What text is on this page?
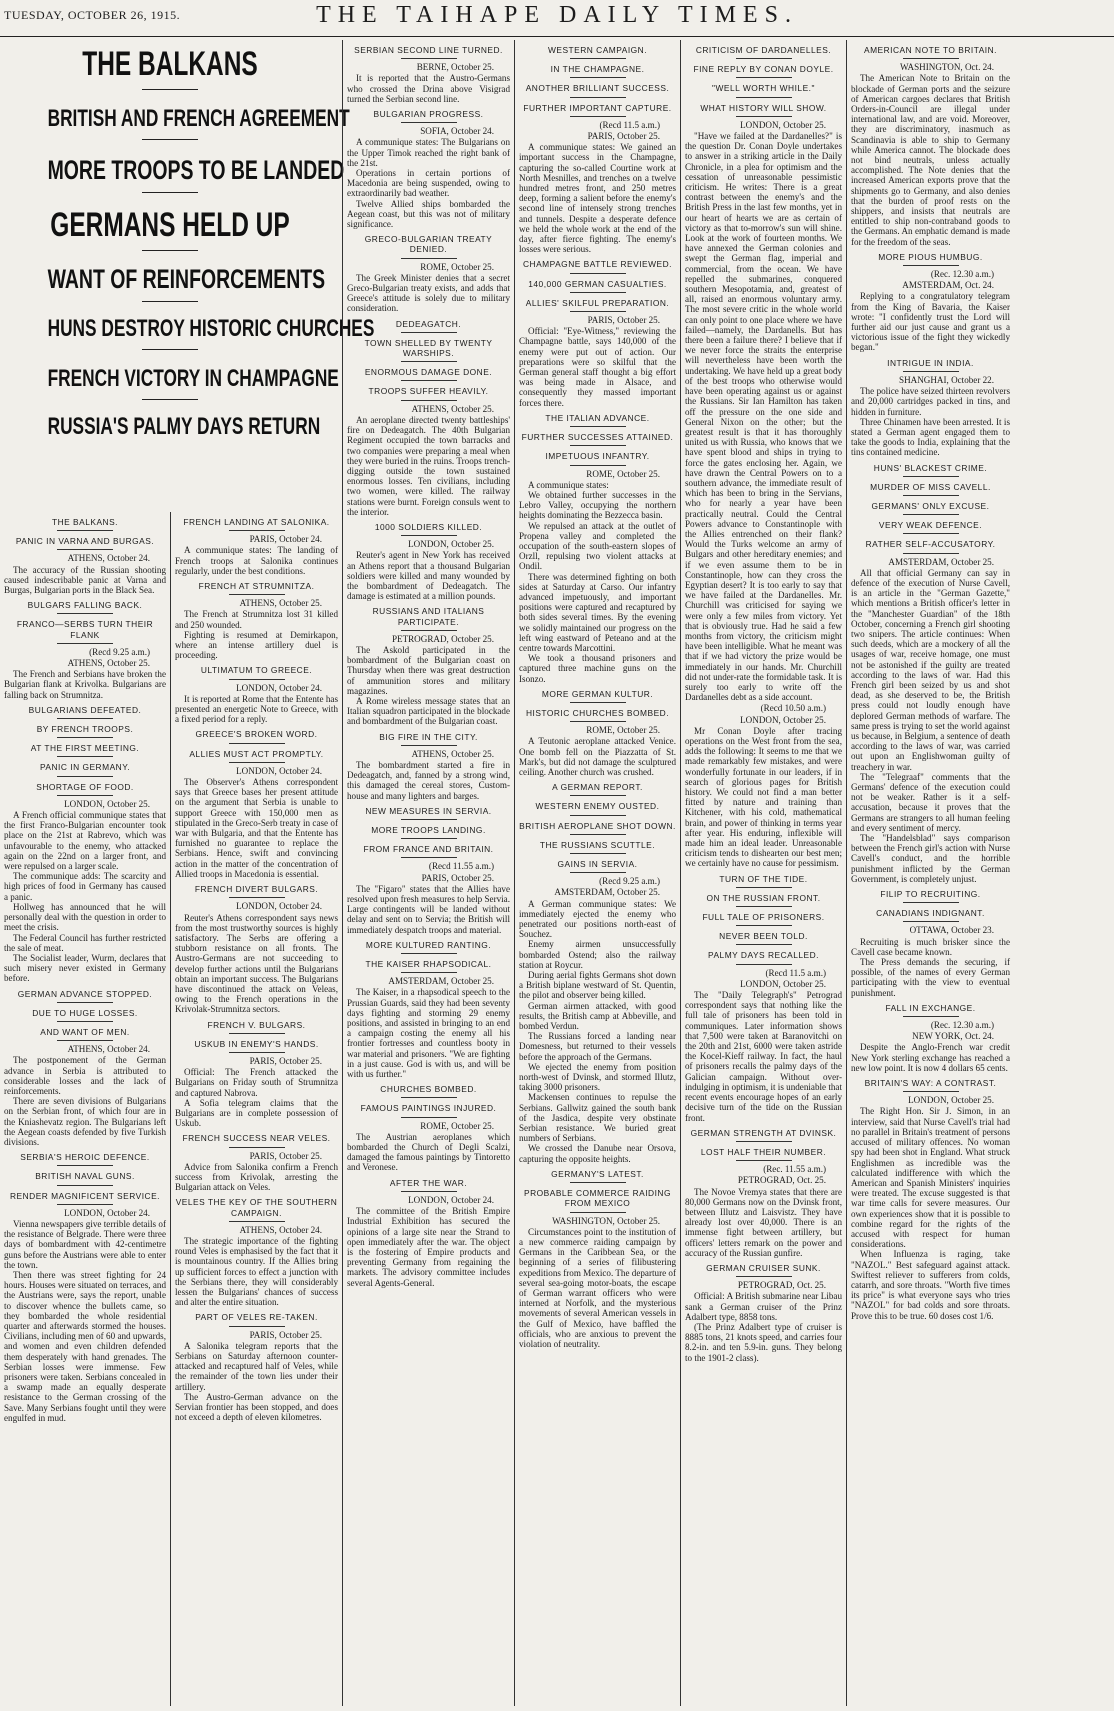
TUESDAY, OCTOBER 26, 1915.	THE TAIHAPE DAILY TIMES.
THE BALKANS
BRITISH AND FRENCH AGREEMENT
MORE TROOPS TO BE LANDED
GERMANS HELD UP
WANT OF REINFORCEMENTS
HUNS DESTROY HISTORIC CHURCHES
FRENCH VICTORY IN CHAMPAGNE
RUSSIA'S PALMY DAYS RETURN
THE BALKANS.
PANIC IN VARNA AND BURGAS.
ATHENS, October 24.

The accuracy of the Russian shooting caused indescribable panic at Varna and Burgas, Bulgarian ports in the Black Sea.

BULGARS FALLING BACK.
FRANCO—SERBS TURN THEIR FLANK
(Recd 9.25 a.m.)
ATHENS, October 25.

The French and Serbians have broken the Bulgarian flank at Krivolka. Bulgarians are falling back on Strumnitza.

BULGARIANS DEFEATED.
BY FRENCH TROOPS.
AT THE FIRST MEETING.
PANIC IN GERMANY.
SHORTAGE OF FOOD.
LONDON, October 25.

A French official communique states that the first Franco-Bulgarian encounter took place on the 21st at Rabrevo, which was unfavourable to the enemy, who attacked again on the 22nd on a larger front, and were repulsed on a larger scale.

The communique adds: The scarcity and high prices of food in Germany has caused a panic.

Hollweg has announced that he will personally deal with the question in order to meet the crisis.

The Federal Council has further restricted the sale of meat.

The Socialist leader, Wurm, declares that such misery never existed in Germany before.

GERMAN ADVANCE STOPPED.
DUE TO HUGE LOSSES.
AND WANT OF MEN.
ATHENS, October 24.

The postponement of the German advance in Serbia is attributed to considerable losses and the lack of reinforcements.

There are seven divisions of Bulgarians on the Serbian front, of which four are in the Kniashevatz region. The Bulgarians left the Aegean coasts defended by five Turkish divisions.

SERBIA'S HEROIC DEFENCE.
BRITISH NAVAL GUNS.
RENDER MAGNIFICENT SERVICE.
LONDON, October 24.

Vienna newspapers give terrible details of the resistance of Belgrade. There were three days of bombardment with 42-centimetre guns before the Austrians were able to enter the town.

Then there was street fighting for 24 hours. Houses were situated on terraces, and the Austrians were, says the report, unable to discover whence the bullets came, so they bombarded the whole residential quarter and afterwards stormed the houses. Civilians, including men of 60 and upwards, and women and even children defended them desperately with hand grenades. The Serbian losses were immense. Few prisoners were taken. Serbians concealed in a swamp made an equally desperate resistance to the German crossing of the Save. Many Serbians fought until they were engulfed in mud.

FRENCH LANDING AT SALONIKA.
PARIS, October 24.

A communique states: The landing of French troops at Salonika continues regularly, under the best conditions.

FRENCH AT STRUMNITZA.
ATHENS, October 25.

The French at Strumnitza lost 31 killed and 250 wounded.

Fighting is resumed at Demirkapon, where an intense artillery duel is proceeding.

ULTIMATUM TO GREECE.
LONDON, October 24.

It is reported at Rome that the Entente has presented an energetic Note to Greece, with a fixed period for a reply.

GREECE'S BROKEN WORD.
ALLIES MUST ACT PROMPTLY.
LONDON, October 24.

The Observer's Athens correspondent says that Greece bases her present attitude on the argument that Serbia is unable to support Greece with 150,000 men as stipulated in the Greco-Serb treaty in case of war with Bulgaria, and that the Entente has furnished no guarantee to replace the Serbians. Hence, swift and convincing action in the matter of the concentration of Allied troops in Macedonia is essential.

FRENCH DIVERT BULGARS.
LONDON, October 24.

Reuter's Athens correspondent says news from the most trustworthy sources is highly satisfactory. The Serbs are offering a stubborn resistance on all fronts. The Austro-Germans are not succeeding to develop further actions until the Bulgarians obtain an important success. The Bulgarians have discontinued the attack on Veleas, owing to the French operations in the Krivolak-Strumnitza sectors.

FRENCH V. BULGARS.
USKUB IN ENEMY'S HANDS.
PARIS, October 25.

Official: The French attacked the Bulgarians on Friday south of Strumnitza and captured Nabrova.

A Sofia telegram claims that the Bulgarians are in complete possession of Uskub.

FRENCH SUCCESS NEAR VELES.
PARIS, October 25.

Advice from Salonika confirm a French success from Krivolak, arresting the Bulgarian attack on Veles.

VELES THE KEY OF THE SOUTHERN CAMPAIGN.
ATHENS, October 24.

The strategic importance of the fighting round Veles is emphasised by the fact that it is mountainous country. If the Allies bring up sufficient forces to effect a junction with the Serbians there, they will considerably lessen the Bulgarians' chances of success and alter the entire situation.

PART OF VELES RE-TAKEN.
PARIS, October 25.

A Salonika telegram reports that the Serbians on Saturday afternoon counter-attacked and recaptured half of Veles, while the remainder of the town lies under their artillery.

The Austro-German advance on the Servian frontier has been stopped, and does not exceed a depth of eleven kilometres.

SERBIAN SECOND LINE TURNED.
BERNE, October 25.

It is reported that the Austro-Germans who crossed the Drina above Visigrad turned the Serbian second line.

BULGARIAN PROGRESS.
SOFIA, October 24.

A communique states: The Bulgarians on the Upper Timok reached the right bank of the 21st.

Operations in certain portions of Macedonia are being suspended, owing to extraordinarily bad weather.

Twelve Allied ships bombarded the Aegean coast, but this was not of military significance.

GRECO-BULGARIAN TREATY DENIED.
ROME, October 25.

The Greek Minister denies that a secret Greco-Bulgarian treaty exists, and adds that Greece's attitude is solely due to military consideration.

DEDEAGATCH.
TOWN SHELLED BY TWENTY WARSHIPS.
ENORMOUS DAMAGE DONE.
TROOPS SUFFER HEAVILY.
ATHENS, October 25.

An aeroplane directed twenty battleships' fire on Dedeagatch. The 40th Bulgarian Regiment occupied the town barracks and two companies were preparing a meal when they were buried in the ruins. Troops trench-digging outside the town sustained enormous losses. Ten civilians, including two women, were killed. The railway stations were burnt. Foreign consuls went to the interior.

1000 SOLDIERS KILLED.
LONDON, October 25.

Reuter's agent in New York has received an Athens report that a thousand Bulgarian soldiers were killed and many wounded by the bombardment of Dedeagatch. The damage is estimated at a million pounds.

RUSSIANS AND ITALIANS PARTICIPATE.
PETROGRAD, October 25.

The Askold participated in the bombardment of the Bulgarian coast on Thursday when there was great destruction of ammunition stores and military magazines.

A Rome wireless message states that an Italian squadron participated in the blockade and bombardment of the Bulgarian coast.

BIG FIRE IN THE CITY.
ATHENS, October 25.

The bombardment started a fire in Dedeagatch, and, fanned by a strong wind, this damaged the cereal stores, Custom-house and many lighters and barges.

NEW MEASURES IN SERVIA.
MORE TROOPS LANDING.
FROM FRANCE AND BRITAIN.
(Recd 11.55 a.m.)
PARIS, October 25.

The "Figaro" states that the Allies have resolved upon fresh measures to help Servia. Large contingents will be landed without delay and sent on to Servia; the British will immediately despatch troops and material.

MORE KULTURED RANTING.
THE KAISER RHAPSODICAL.
AMSTERDAM, October 25.

The Kaiser, in a rhapsodical speech to the Prussian Guards, said they had been seventy days fighting and storming 29 enemy positions, and assisted in bringing to an end a campaign costing the enemy all his frontier fortresses and countless booty in war material and prisoners. "We are fighting in a just cause. God is with us, and will be with us further."

CHURCHES BOMBED.
FAMOUS PAINTINGS INJURED.
ROME, October 25.

The Austrian aeroplanes which bombarded the Church of Degli Scalzi, damaged the famous paintings by Tintoretto and Veronese.

AFTER THE WAR.
LONDON, October 24.

The committee of the British Empire Industrial Exhibition has secured the opinions of a large site near the Strand to open immediately after the war. The object is the fostering of Empire products and preventing Germany from regaining the markets. The advisory committee includes several Agents-General.

WESTERN CAMPAIGN.
IN THE CHAMPAGNE.
ANOTHER BRILLIANT SUCCESS.
FURTHER IMPORTANT CAPTURE.
(Recd 11.5 a.m.)
PARIS, October 25.

A communique states: We gained an important success in the Champagne, capturing the so-called Courtine work at North Mesnilles, and trenches on a twelve hundred metres front, and 250 metres deep, forming a salient before the enemy's second line of intensely strong trenches and tunnels. Despite a desperate defence we held the whole work at the end of the day, after fierce fighting. The enemy's losses were serious.

CHAMPAGNE BATTLE REVIEWED.
140,000 GERMAN CASUALTIES.
ALLIES' SKILFUL PREPARATION.
PARIS, October 25.

Official: "Eye-Witness," reviewing the Champagne battle, says 140,000 of the enemy were put out of action. Our preparations were so skilful that the German general staff thought a big effort was being made in Alsace, and consequently they massed important forces there.

THE ITALIAN ADVANCE.
FURTHER SUCCESSES ATTAINED.
IMPETUOUS INFANTRY.
ROME, October 25.

A communique states:

We obtained further successes in the Lebro Valley, occupying the northern heights dominating the Bezzecca basin.

We repulsed an attack at the outlet of Propena valley and completed the occupation of the south-eastern slopes of Orzll, repulsing two violent attacks at Ondil.

There was determined fighting on both sides at Saturday at Carso. Our infantry advanced impetuously, and important positions were captured and recaptured by both sides several times. By the evening we solidly maintained our progress on the left wing eastward of Peteano and at the centre towards Marcottini.

We took a thousand prisoners and captured three machine guns on the Isonzo.

MORE GERMAN KULTUR.
HISTORIC CHURCHES BOMBED.
ROME, October 25.

A Teutonic aeroplane attacked Venice. One bomb fell on the Piazzatta of St. Mark's, but did not damage the sculptured ceiling. Another church was crushed.

A GERMAN REPORT.
WESTERN ENEMY OUSTED.
BRITISH AEROPLANE SHOT DOWN.
THE RUSSIANS SCUTTLE.
GAINS IN SERVIA.
(Recd 9.25 a.m.)
AMSTERDAM, October 25.

A German communique states: We immediately ejected the enemy who penetrated our positions north-east of Souchez.

Enemy airmen unsuccessfully bombarded Ostend; also the railway station at Roycur.

During aerial fights Germans shot down a British biplane westward of St. Quentin, the pilot and observer being killed.

German airmen attacked, with good results, the British camp at Abbeville, and bombed Verdun.

The Russians forced a landing near Domesness, but returned to their vessels before the approach of the Germans.

We ejected the enemy from position north-west of Dvinsk, and stormed Illutz, taking 3000 prisoners.

Mackensen continues to repulse the Serbians. Gallwitz gained the south bank of the Jasdica, despite very obstinate Serbian resistance. We buried great numbers of Serbians.

We crossed the Danube near Orsova, capturing the opposite heights.

GERMANY'S LATEST.
PROBABLE COMMERCE RAIDING FROM MEXICO
WASHINGTON, October 25.

Circumstances point to the institution of a new commerce raiding campaign by Germans in the Caribbean Sea, or the beginning of a series of filibustering expeditions from Mexico. The departure of several sea-going motor-boats, the escape of German warrant officers who were interned at Norfolk, and the mysterious movements of several American vessels in the Gulf of Mexico, have baffled the officials, who are anxious to prevent the violation of neutrality.

CRITICISM OF DARDANELLES.
FINE REPLY BY CONAN DOYLE.
"WELL WORTH WHILE."
WHAT HISTORY WILL SHOW.
LONDON, October 25.

"Have we failed at the Dardanelles?" is the question Dr. Conan Doyle undertakes to answer in a striking article in the Daily Chronicle, in a plea for optimism and the cessation of unreasonable pessimistic criticism. He writes: There is a great contrast between the enemy's and the British Press in the last few months, yet in our heart of hearts we are as certain of victory as that to-morrow's sun will shine. Look at the work of fourteen months. We have annexed the German colonies and swept the German flag, imperial and commercial, from the ocean. We have repelled the submarines, conquered southern Mesopotamia, and, greatest of all, raised an enormous voluntary army. The most severe critic in the whole world can only point to one place where we have failed—namely, the Dardanells. But has there been a failure there? I believe that if we never force the straits the enterprise will nevertheless have been worth the undertaking. We have held up a great body of the best troops who otherwise would have been operating against us or against the Russians. Sir Ian Hamilton has taken off the pressure on the one side and General Nixon on the other; but the greatest result is that it has thoroughly united us with Russia, who knows that we have spent blood and ships in trying to force the gates enclosing her. Again, we have drawn the Central Powers on to a southern advance, the immediate result of which has been to bring in the Servians, who for nearly a year have been practically neutral. Could the Central Powers advance to Constantinople with the Allies entrenched on their flank? Would the Turks welcome an army of Bulgars and other hereditary enemies; and if we even assume them to be in Constantinople, how can they cross the Egyptian desert? It is too early to say that we have failed at the Dardanelles. Mr. Churchill was criticised for saying we were only a few miles from victory. Yet that is obviously true. Had he said a few months from victory, the criticism might have been intelligible. What he meant was that if we had victory the prize would be immediately in our hands. Mr. Churchill did not under-rate the formidable task. It is surely too early to write off the Dardanelles debt as a side account.

(Recd 10.50 a.m.)
LONDON, October 25.

Mr Conan Doyle after tracing operations on the West front from the sea, adds the following: It seems to me that we made remarkably few mistakes, and were wonderfully fortunate in our leaders, if in search of glorious pages for British history. We could not find a man better fitted by nature and training than Kitchener, with his cold, mathematical brain, and power of thinking in terms year after year. His enduring, inflexible will made him an ideal leader. Unreasonable criticism tends to dishearten our best men; we certainly have no cause for pessimism.

TURN OF THE TIDE.
ON THE RUSSIAN FRONT.
FULL TALE OF PRISONERS.
NEVER BEEN TOLD.
PALMY DAYS RECALLED.
(Recd 11.5 a.m.)
LONDON, October 25.

The "Daily Telegraph's" Petrograd correspondent says that nothing like the full tale of prisoners has been told in communiques. Later information shows that 7,500 were taken at Baranovitchi on the 20th and 21st, 6000 were taken astride the Kocel-Kieff railway. In fact, the haul of prisoners recalls the palmy days of the Galician campaign. Without over-indulging in optimism, it is undeniable that recent events encourage hopes of an early decisive turn of the tide on the Russian front.

GERMAN STRENGTH AT DVINSK.
LOST HALF THEIR NUMBER.
(Rec. 11.55 a.m.)
PETROGRAD, Oct. 25.

The Novoe Vremya states that there are 80,000 Germans now on the Dvinsk front, between Illutz and Laisvistz. They have already lost over 40,000. There is an immense fight between artillery, but officers' letters remark on the power and accuracy of the Russian gunfire.

GERMAN CRUISER SUNK.
PETROGRAD, Oct. 25.

Official: A British submarine near Libau sank a German cruiser of the Prinz Adalbert type, 8858 tons.

(The Prinz Adalbert type of cruiser is 8885 tons, 21 knots speed, and carries four 8.2-in. and ten 5.9-in. guns. They belong to the 1901-2 class).

AMERICAN NOTE TO BRITAIN.
WASHINGTON, Oct. 24.

The American Note to Britain on the blockade of German ports and the seizure of American cargoes declares that British Orders-in-Council are illegal under international law, and are void. Moreover, they are discriminatory, inasmuch as Scandinavia is able to ship to Germany while America cannot. The blockade does not bind neutrals, unless actually accomplished. The Note denies that the increased American exports prove that the shipments go to Germany, and also denies that the burden of proof rests on the shippers, and insists that neutrals are entitled to ship non-contraband goods to the Germans. An emphatic demand is made for the freedom of the seas.

MORE PIOUS HUMBUG.
(Rec. 12.30 a.m.)
AMSTERDAM, Oct. 24.

Replying to a congratulatory telegram from the King of Bavaria, the Kaiser wrote: "I confidently trust the Lord will further aid our just cause and grant us a victorious issue of the fight they wickedly began."

INTRIGUE IN INDIA.
SHANGHAI, October 22.

The police have seized thirteen revolvers and 20,000 cartridges packed in tins, and hidden in furniture.

Three Chinamen have been arrested. It is stated a German agent engaged them to take the goods to India, explaining that the tins contained medicine.

HUNS' BLACKEST CRIME.
MURDER OF MISS CAVELL.
GERMANS' ONLY EXCUSE.
VERY WEAK DEFENCE.
RATHER SELF-ACCUSATORY.
AMSTERDAM, October 25.

All that official Germany can say in defence of the execution of Nurse Cavell, is an article in the "German Gazette," which mentions a British officer's letter in the "Manchester Guardian" of the 18th October, concerning a French girl shooting two snipers. The article continues: When such deeds, which are a mockery of all the usages of war, receive homage, one must not be astonished if the guilty are treated according to the laws of war. Had this French girl been seized by us and shot dead, as she deserved to be, the British press could not loudly enough have deplored German methods of warfare. The same press is trying to set the world against us because, in Belgium, a sentence of death according to the laws of war, was carried out upon an Englishwoman guilty of treachery in war.

The "Telegraaf" comments that the Germans' defence of the execution could not be weaker. Rather is it a self-accusation, because it proves that the Germans are strangers to all human feeling and every sentiment of mercy.

The "Handelsblad" says comparison between the French girl's action with Nurse Cavell's conduct, and the horrible punishment inflicted by the German Government, is completely unjust.

FILIP TO RECRUITING.
CANADIANS INDIGNANT.
OTTAWA, October 23.

Recruiting is much brisker since the Cavell case became known.

The Press demands the securing, if possible, of the names of every German participating with the view to eventual punishment.

FALL IN EXCHANGE.
(Rec. 12.30 a.m.)
NEW YORK, Oct. 24.

Despite the Anglo-French war credit New York sterling exchange has reached a new low point. It is now 4 dollars 65 cents.

BRITAIN'S WAY: A CONTRAST.
LONDON, October 25.

The Right Hon. Sir J. Simon, in an interview, said that Nurse Cavell's trial had no parallel in Britain's treatment of persons accused of military offences. No woman spy had been shot in England. What struck Englishmen as incredible was the calculated indifference with which the American and Spanish Ministers' inquiries were treated. The excuse suggested is that war time calls for severe measures. Our own experiences show that it is possible to combine regard for the rights of the accused with respect for human considerations.

When Influenza is raging, take "NAZOL." Best safeguard against attack. Swiftest reliever to sufferers from colds, catarrh, and sore throats. "Worth five times its price" is what everyone says who tries "NAZOL" for bad colds and sore throats. Prove this to be true. 60 doses cost 1/6.
